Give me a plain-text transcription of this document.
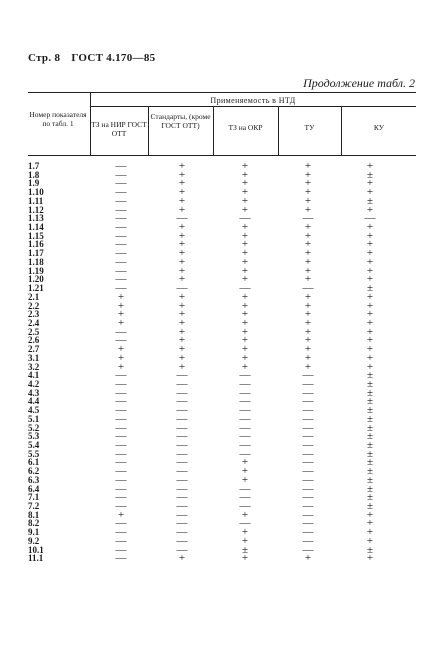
Стр. 8 ГОСТ 4.170—85
Продолжение табл. 2
Номер показателя по табл. 1
Применяемость в НТД
ТЗ на НИР ГОСТ ОТТ
Стандарты, (кроме ГОСТ ОТТ)	ТЗ на ОКР	ТУ	КУ
1.7	—	+	+	+	+
1.8	—	+	+	+	±
1.9	—	+	+	+	+
1.10	—	+	+	+	+
1.11	—	+	+	+	±
1.12	—	+	+	+	+
1.13	—	—	—	—	—
1.14	—	+	+	+	+
1.15	—	+	+	+	+
1.16	—	+	+	+	+
1.17	—	+	+	+	+
1.18	—	+	+	+	+
1.19	—	+	+	+	+
1.20	—	+	+	+	+
1.21	—	—	—	—	±
2.1	+	+	+	+	+
2.2	+	+	+	+	+
2.3	+	+	+	+	+
2.4	+	+	+	+	+
2.5	—	+	+	+	+
2.6	—	+	+	+	+
2.7	+	+	+	+	+
3.1	+	+	+	+	+
3.2	+	+	+	+	+
4.1	—	—	—	—	±
4.2	—	—	—	—	±
4.3	—	—	—	—	±
4.4	—	—	—	—	±
4.5	—	—	—	—	±
5.1	—	—	—	—	±
5.2	—	—	—	—	±
5.3	—	—	—	—	±
5.4	—	—	—	—	±
5.5	—	—	—	—	±
6.1	—	—	+	—	±
6.2	—	—	+	—	±
6.3	—	—	+	—	±
6.4	—	—	—	—	±
7.1	—	—	—	—	±
7.2	—	—	—	—	±
8.1	+	—	+	—	+
8.2	—	—	—	—	+
9.1	—	—	+	—	+
9.2	—	—	+	—	+
10.1	—	—	±	—	±
11.1	—	+	+	+	+
